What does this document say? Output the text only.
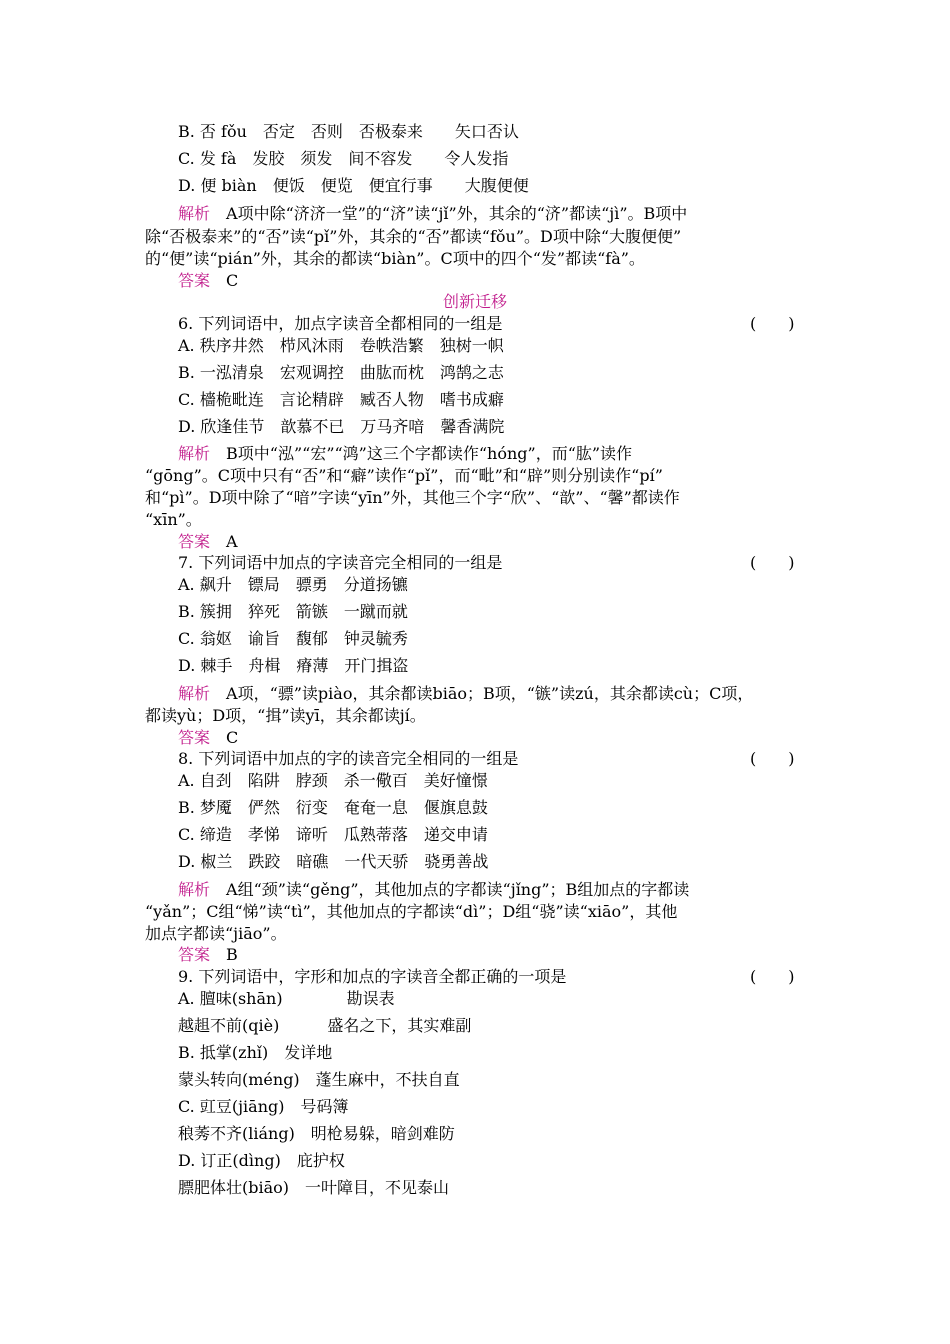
B. 否 fǒu　否定　否则　否极泰来　　矢口否认
C. 发 fà　发胶　须发　间不容发　　令人发指
D. 便 biàn　便饭　便览　便宜行事　　大腹便便
解析　A项中除“济济一堂”的“济”读“jǐ”外，其余的“济”都读“jì”。B项中
除“否极泰来”的“否”读“pǐ”外，其余的“否”都读“fǒu”。D项中除“大腹便便”
的“便”读“pián”外，其余的都读“biàn”。C项中的四个“发”都读“fà”。
答案　 C
创新迁移
6. 下列词语中，加点字读音全都相同的一组是	(　　)
A. 秩序井然　栉风沐雨　卷帙浩繁　独树一帜
B. 一泓清泉　宏观调控　曲肱而枕　鸿鹄之志
C. 檣桅毗连　言论精辟　臧否人物　嗜书成癖
D. 欣逢佳节　歆慕不已　万马齐喑　馨香满院
解析　B项中“泓”“宏”“鸿”这三个字都读作“hóng”，而“肱”读作
“gōng”。C项中只有“否”和“癖”读作“pǐ”，而“毗”和“辟”则分别读作“pí”
和“pì”。D项中除了“喑”字读“yīn”外，其他三个字“欣”、“歆”、“馨”都读作
“xīn”。
答案　 A
7. 下列词语中加点的字读音完全相同的一组是	(　　)
A. 飙升　镖局　骠勇　分道扬镳
B. 簇拥　猝死　箭镞　一蹴而就
C. 翁妪　谕旨　馥郁　钟灵毓秀
D. 棘手　舟楫　瘠薄　开门揖盗
解析　A项，“骠”读piào，其余都读biāo；B项，“镞”读zú，其余都读cù；C项，
都读yù；D项，“揖”读yī，其余都读jí。
答案　 C
8. 下列词语中加点的字的读音完全相同的一组是	(　　)
A. 自刭　陷阱　脖颈　杀一儆百　美好憧憬
B. 梦魇　俨然　衍变　奄奄一息　偃旗息鼓
C. 缔造　孝悌　谛听　瓜熟蒂落　递交申请
D. 椒兰　跌跤　暗礁　一代天骄　骁勇善战
解析　A组“颈”读“gěng”，其他加点的字都读“jǐng”；B组加点的字都读
“yǎn”；C组“悌”读“tì”，其他加点的字都读“dì”；D组“骁”读“xiāo”，其他
加点字都读“jiāo”。
答案　 B
9. 下列词语中，字形和加点的字读音全都正确的一项是	(　　)
A. 膻味(shān)　　　　勘误表
越趄不前(qiè)　　　盛名之下，其实难副
B. 抵掌(zhǐ)　发详地
蒙头转向(méng)　蓬生麻中，不扶自直
C. 豇豆(jiāng)　号码簿
稂莠不齐(liáng)　明枪易躲，暗剑难防
D. 订正(dìng)　庇护权
膘肥体壮(biāo)　一叶障目，不见泰山
